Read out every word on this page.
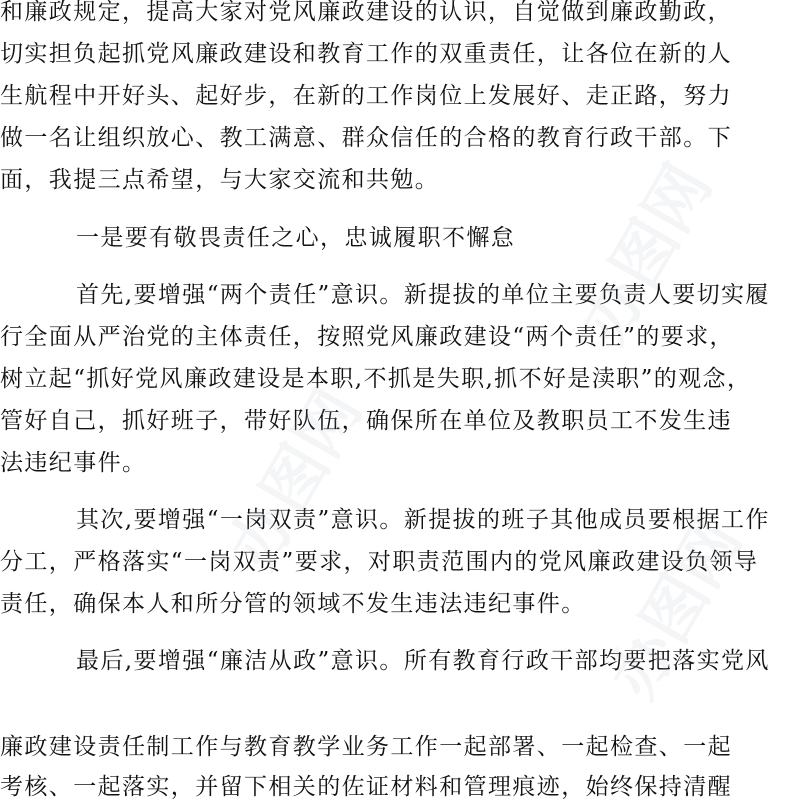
和廉政规定，提高大家对党风廉政建设的认识，自觉做到廉政勤政，
切实担负起抓党风廉政建设和教育工作的双重责任，让各位在新的人
生航程中开好头、起好步，在新的工作岗位上发展好、走正路，努力
做一名让组织放心、教工满意、群众信任的合格的教育行政干部。下
面，我提三点希望，与大家交流和共勉。
一是要有敬畏责任之心，忠诚履职不懈怠
首先,要增强“两个责任”意识。新提拔的单位主要负责人要切实履
行全面从严治党的主体责任，按照党风廉政建设“两个责任”的要求，
树立起“抓好党风廉政建设是本职,不抓是失职,抓不好是渎职”的观念，
管好自己，抓好班子，带好队伍，确保所在单位及教职员工不发生违
法违纪事件。
其次,要增强“一岗双责”意识。新提拔的班子其他成员要根据工作
分工，严格落实“一岗双责”要求，对职责范围内的党风廉政建设负领导
责任，确保本人和所分管的领域不发生违法违纪事件。
最后,要增强“廉洁从政”意识。所有教育行政干部均要把落实党风
廉政建设责任制工作与教育教学业务工作一起部署、一起检查、一起
考核、一起落实，并留下相关的佐证材料和管理痕迹，始终保持清醒
办图网
办图网
办图网
